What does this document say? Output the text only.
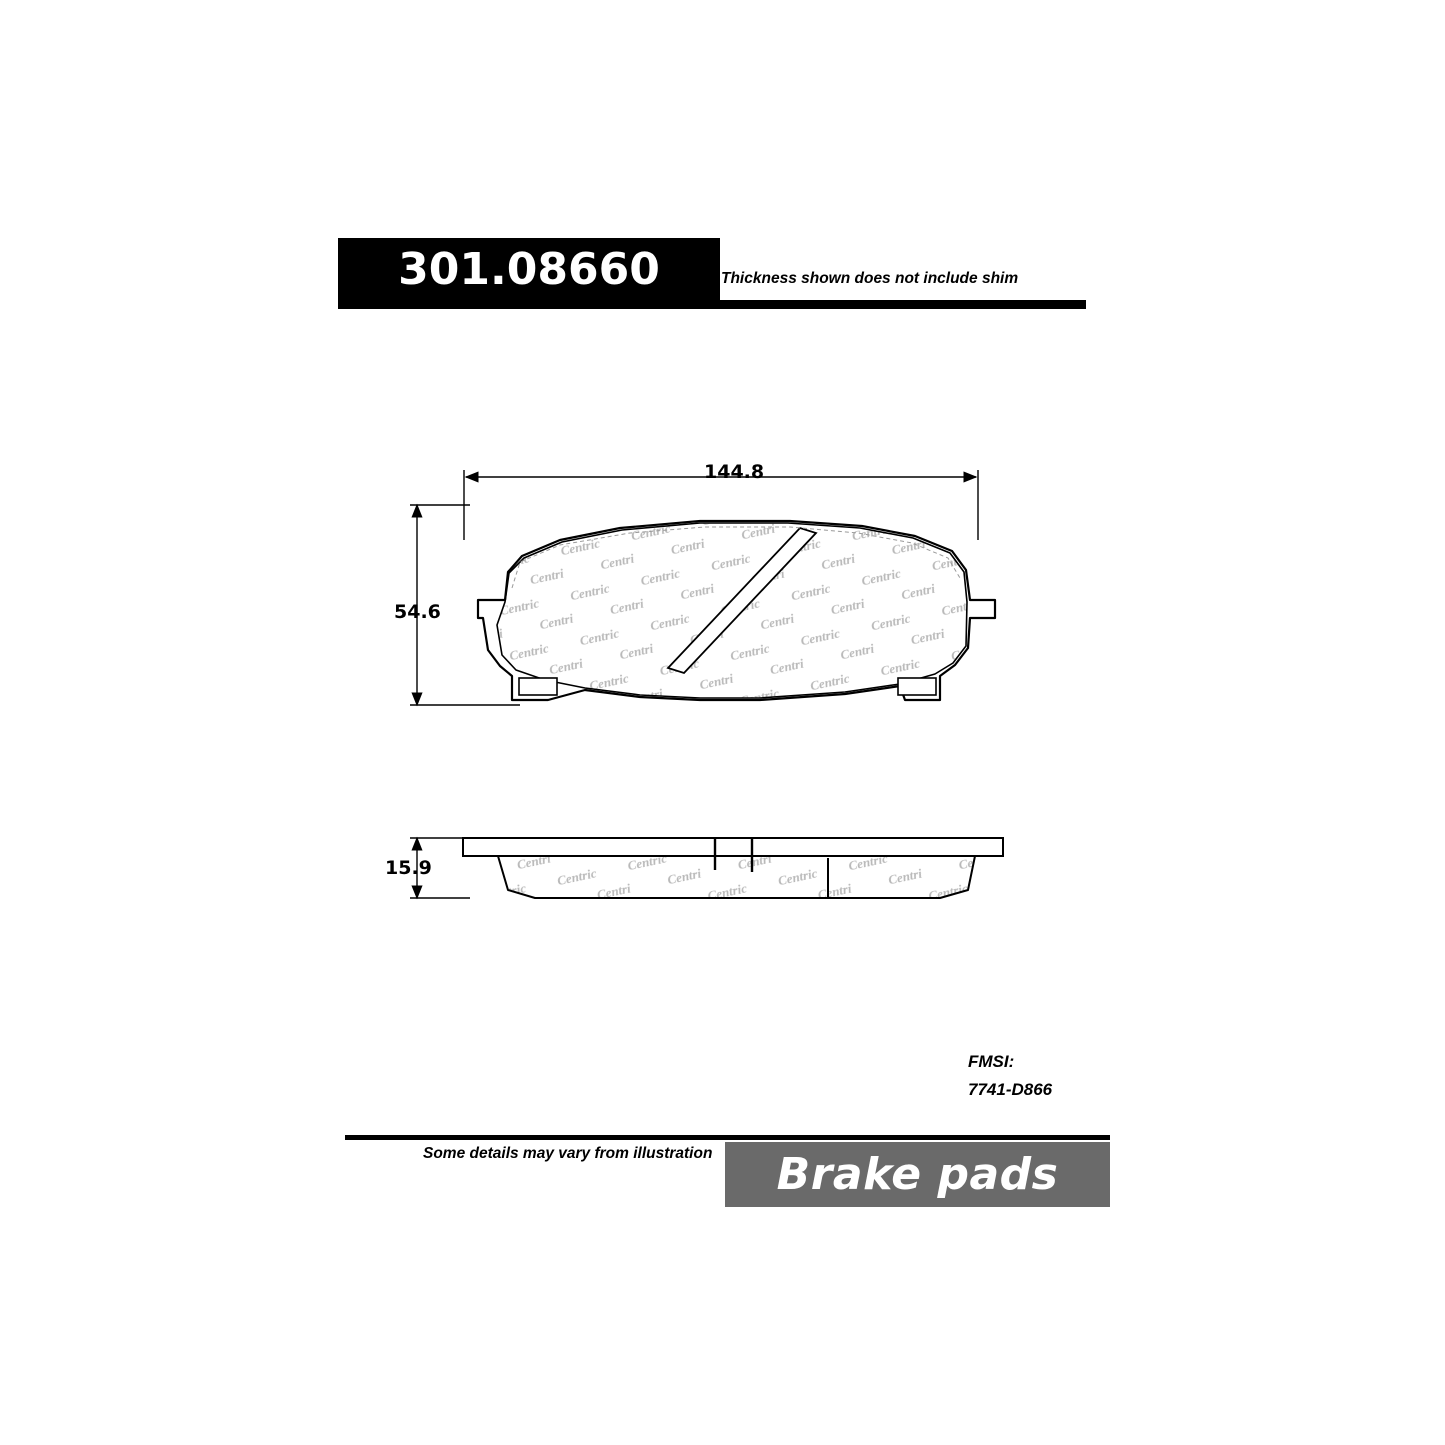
301.08660	Thickness shown does not include shim
144.8
54.6
15.9
FMSI:
7741-D866
Some details may vary from illustration Brake pads
